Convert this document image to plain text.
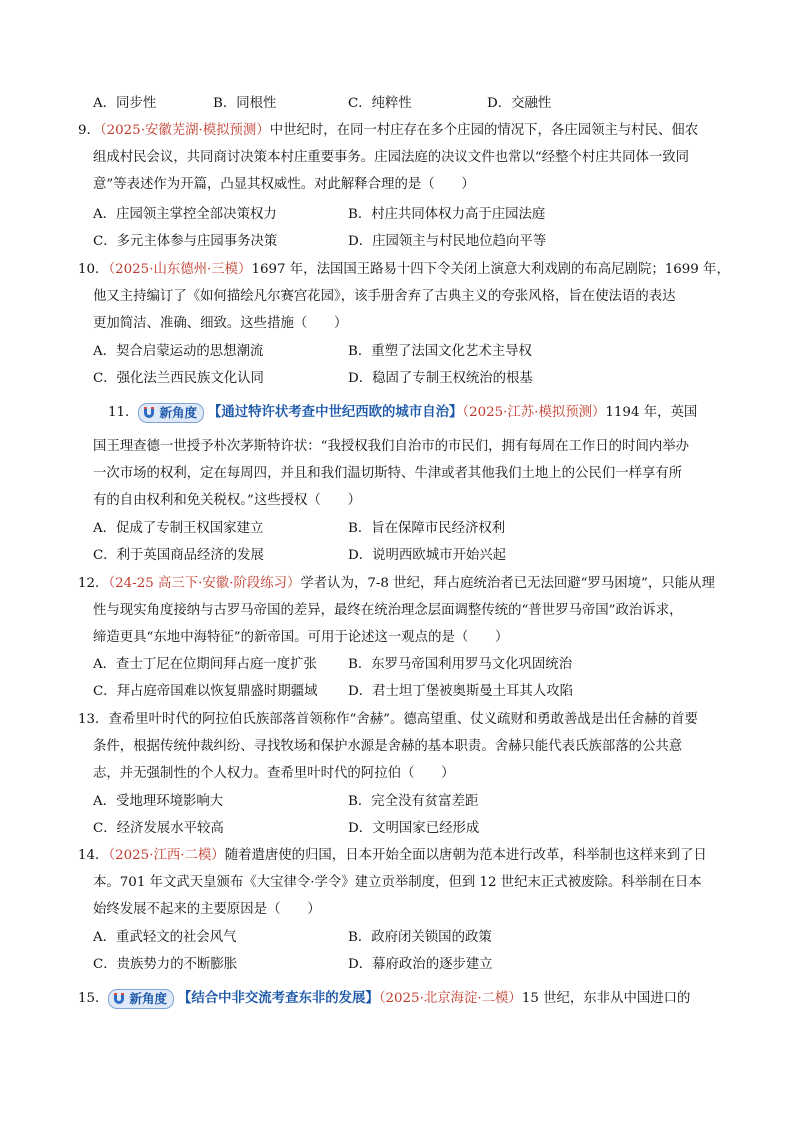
A．同步性	B．同根性	C．纯粹性	D．交融性
9．（2025·安徽芜湖·模拟预测）中世纪时，在同一村庄存在多个庄园的情况下，各庄园领主与村民、佃农
组成村民会议，共同商讨决策本村庄重要事务。庄园法庭的决议文件也常以“经整个村庄共同体一致同
意”等表述作为开篇，凸显其权威性。对此解释合理的是（　　）
A．庄园领主掌控全部决策权力	B．村庄共同体权力高于庄园法庭
C．多元主体参与庄园事务决策	D．庄园领主与村民地位趋向平等
10．（2025·山东德州·三模）1697 年，法国国王路易十四下令关闭上演意大利戏剧的布高尼剧院；1699 年，
他又主持编订了《如何描绘凡尔赛宫花园》，该手册舍弃了古典主义的夸张风格，旨在使法语的表达
更加简洁、准确、细致。这些措施（　　）
A．契合启蒙运动的思想潮流	B．重塑了法国文化艺术主导权
C．强化法兰西民族文化认同	D．稳固了专制王权统治的根基
11． 新角度 【通过特许状考查中世纪西欧的城市自治】（2025·江苏·模拟预测）1194 年，英国
国王理查德一世授予朴次茅斯特许状：“我授权我们自治市的市民们，拥有每周在工作日的时间内举办
一次市场的权利，定在每周四，并且和我们温切斯特、牛津或者其他我们土地上的公民们一样享有所
有的自由权利和免关税权。”这些授权（　　）
A．促成了专制王权国家建立	B．旨在保障市民经济权利
C．利于英国商品经济的发展	D．说明西欧城市开始兴起
12．（24-25 高三下·安徽·阶段练习）学者认为，7-8 世纪，拜占庭统治者已无法回避“罗马困境”，只能从理
性与现实角度接纳与古罗马帝国的差异，最终在统治理念层面调整传统的“普世罗马帝国”政治诉求，
缔造更具“东地中海特征”的新帝国。可用于论述这一观点的是（　　）
A．查士丁尼在位期间拜占庭一度扩张 B．东罗马帝国利用罗马文化巩固统治
C．拜占庭帝国难以恢复鼎盛时期疆域 D．君士坦丁堡被奥斯曼土耳其人攻陷
13．查希里叶时代的阿拉伯氏族部落首领称作“舍赫”。德高望重、仗义疏财和勇敢善战是出任舍赫的首要
条件，根据传统仲裁纠纷、寻找牧场和保护水源是舍赫的基本职责。舍赫只能代表氏族部落的公共意
志，并无强制性的个人权力。查希里叶时代的阿拉伯（　　）
A．受地理环境影响大	B．完全没有贫富差距
C．经济发展水平较高	D．文明国家已经形成
14．（2025·江西·二模）随着遣唐使的归国，日本开始全面以唐朝为范本进行改革，科举制也这样来到了日
本。701 年文武天皇颁布《大宝律令·学令》建立贡举制度，但到 12 世纪末正式被废除。科举制在日本
始终发展不起来的主要原因是（　　）
A．重武轻文的社会风气	B．政府闭关锁国的政策
C．贵族势力的不断膨胀	D．幕府政治的逐步建立
15． 新角度 【结合中非交流考查东非的发展】（2025·北京海淀·二模）15 世纪，东非从中国进口的
